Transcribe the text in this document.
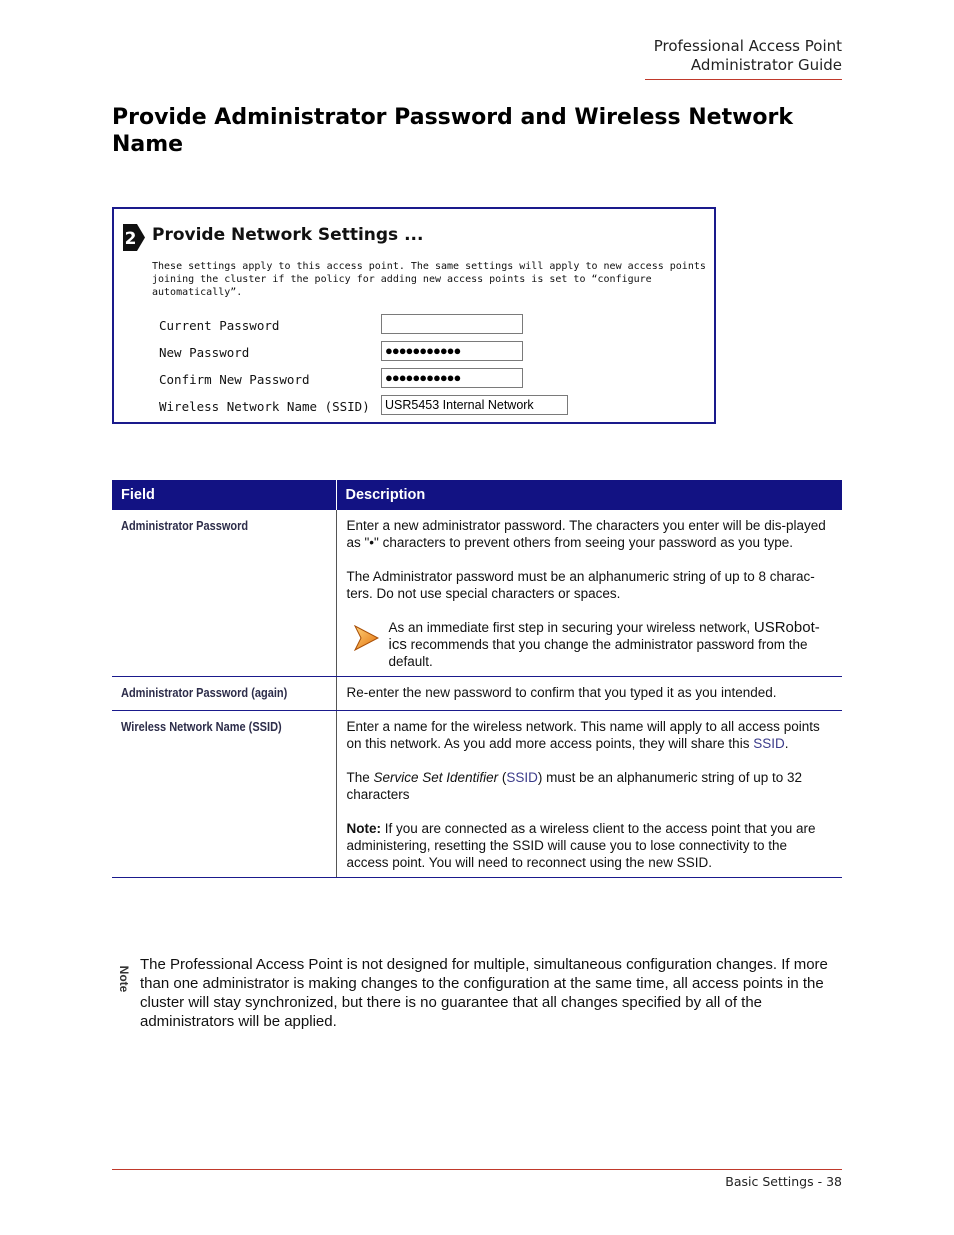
Professional Access Point
Administrator Guide
Provide Administrator Password and Wireless Network Name
2 Provide Network Settings ...
These settings apply to this access point. The same settings will apply to new access points joining the cluster if the policy for adding new access points is set to “configure automatically”.
Current Password
New Password	●●●●●●●●●●●
Confirm New Password	●●●●●●●●●●●
Wireless Network Name (SSID)	USR5453 Internal Network
Field	Description
Administrator Password	Enter a new administrator password. The characters you enter will be dis-played as "•" characters to prevent others from seeing your password as you type.

The Administrator password must be an alphanumeric string of up to 8 charac-ters. Do not use special characters or spaces.

As an immediate first step in securing your wireless network, USRobot-ics recommends that you change the administrator password from the default.

Administrator Password (again)	Re-enter the new password to confirm that you typed it as you intended.

Wireless Network Name (SSID)	Enter a name for the wireless network. This name will apply to all access points on this network. As you add more access points, they will share this SSID.

The Service Set Identifier (SSID) must be an alphanumeric string of up to 32 characters

Note: If you are connected as a wireless client to the access point that you are administering, resetting the SSID will cause you to lose connectivity to the access point. You will need to reconnect using the new SSID.

Note
The Professional Access Point is not designed for multiple, simultaneous configuration changes. If more than one administrator is making changes to the configuration at the same time, all access points in the cluster will stay synchronized, but there is no guarantee that all changes specified by all of the administrators will be applied.
Basic Settings - 38
